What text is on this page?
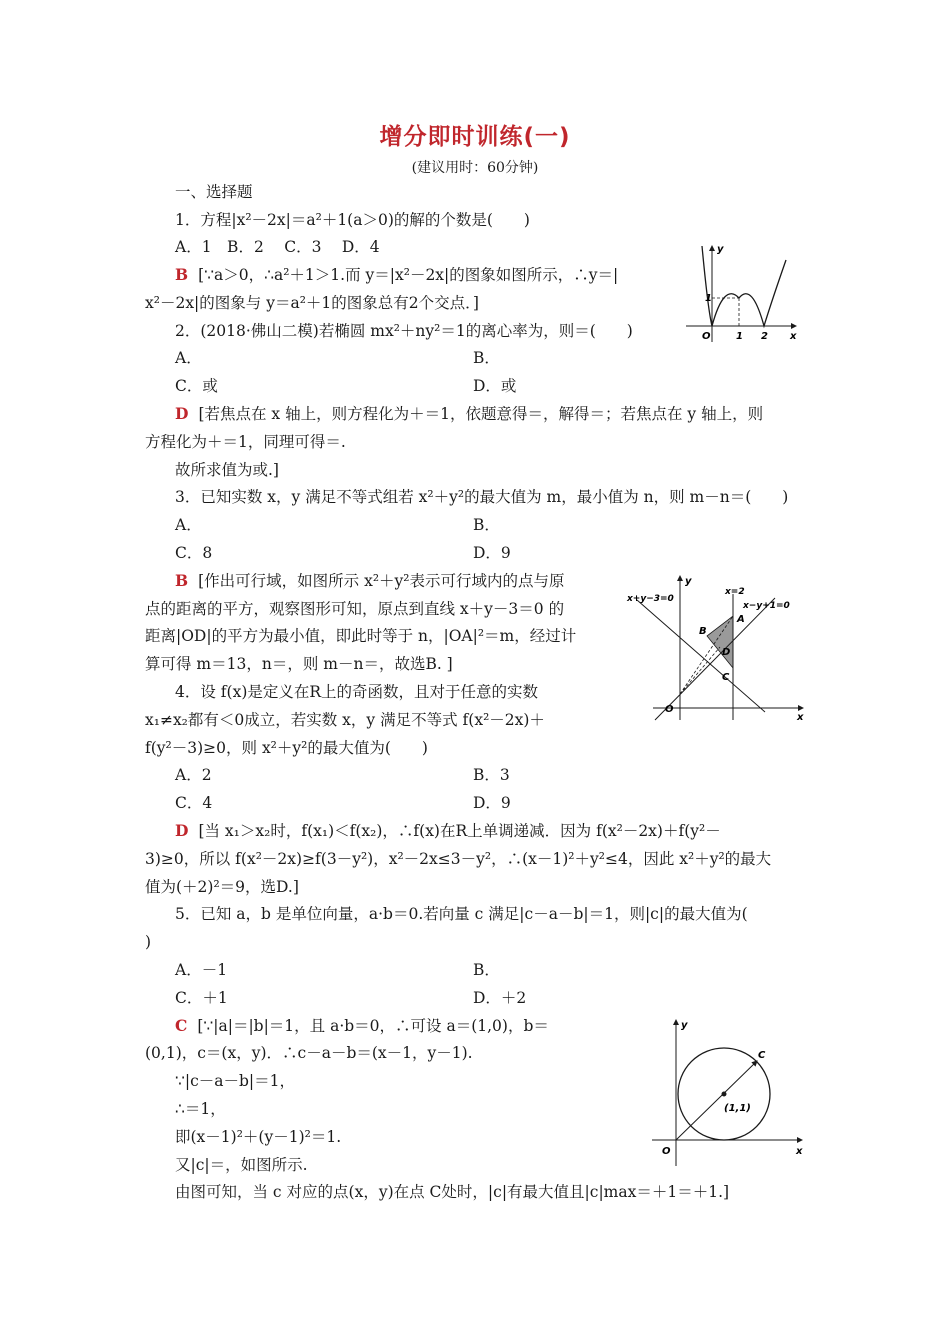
增分即时训练(一)
(建议用时：60分钟)
一、选择题
1．方程|x²－2x|＝a²＋1(a＞0)的解的个数是(　　)
A．1　B．2　 C．3　 D．4
B [∵a＞0，∴a²＋1＞1.而 y＝|x²－2x|的图象如图所示，∴y＝|
x²－2x|的图象与 y＝a²＋1的图象总有2个交点．]
2．(2018·佛山二模)若椭圆 mx²＋ny²＝1的离心率为，则＝(　　)
A．	B．
C．或	D．或
D [若焦点在 x 轴上，则方程化为＋＝1，依题意得＝，解得＝；若焦点在 y 轴上，则
方程化为＋＝1，同理可得＝.
故所求值为或.]
3．已知实数 x，y 满足不等式组若 x²＋y²的最大值为 m，最小值为 n，则 m－n＝(　　)
A．	B．
C．8	D．9
B [作出可行域，如图所示 x²＋y²表示可行域内的点与原
点的距离的平方，观察图形可知，原点到直线 x＋y－3＝0 的
距离|OD|的平方为最小值，即此时等于 n，|OA|²＝m，经过计
算可得 m＝13，n＝，则 m－n＝，故选B. ]
4．设 f(x)是定义在R上的奇函数，且对于任意的实数
x₁≠x₂都有＜0成立，若实数 x，y 满足不等式 f(x²－2x)＋
f(y²－3)≥0，则 x²＋y²的最大值为(　　)
A．2	B．3
C．4	D．9
D [当 x₁＞x₂时，f(x₁)＜f(x₂)，∴f(x)在R上单调递减．因为 f(x²－2x)＋f(y²－
3)≥0，所以 f(x²－2x)≥f(3－y²)，x²－2x≤3－y²，∴(x－1)²＋y²≤4，因此 x²＋y²的最大
值为(＋2)²＝9，选D.]
5．已知 a，b 是单位向量，a·b＝0.若向量 c 满足|c－a－b|＝1，则|c|的最大值为(
)
A．－1	B．
C．＋1	D．＋2
C [∵|a|＝|b|＝1，且 a·b＝0，∴可设 a＝(1,0)，b＝
(0,1)，c＝(x，y)．∴c－a－b＝(x－1，y－1).
∵|c－a－b|＝1，
∴＝1，
即(x－1)²＋(y－1)²＝1.
又|c|＝，如图所示.
由图可知，当 c 对应的点(x，y)在点 C处时，|c|有最大值且|c|max＝＋1＝＋1.]
y
x
O
1
1 2
y
x
O
x+y−3=0
x=2
x−y+1=0
A
B
D
C
y
x
O
C
(1,1)
